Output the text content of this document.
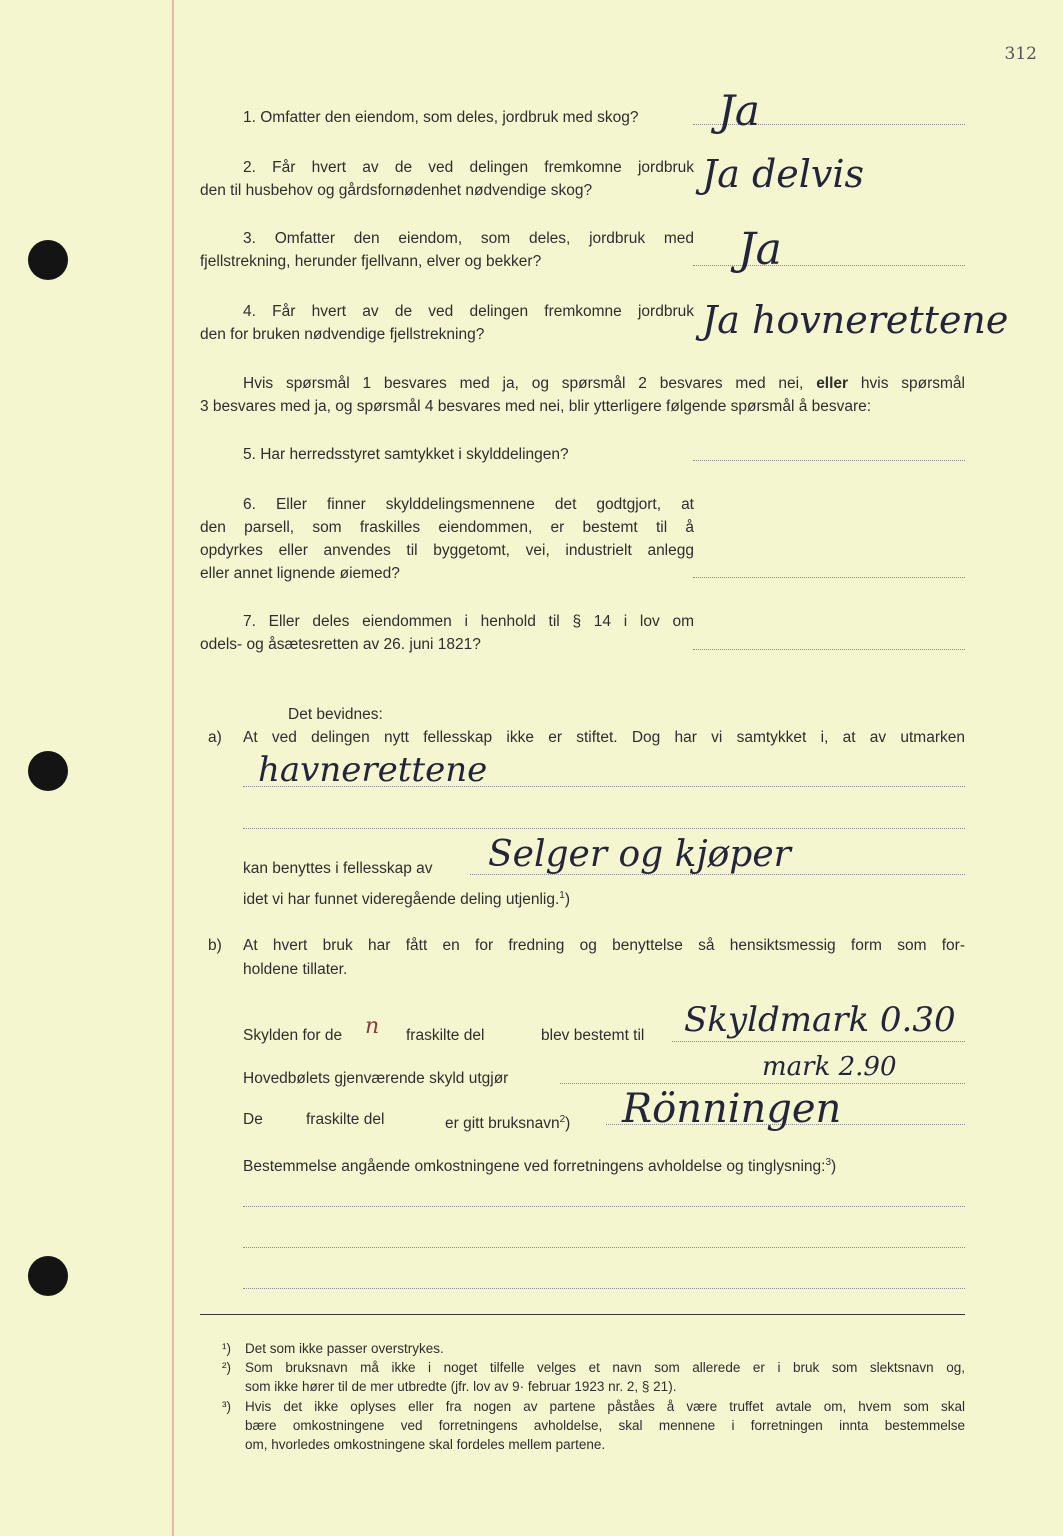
312
1. Omfatter den eiendom, som deles, jordbruk med skog? Ja
2. Får hvert av de ved delingen fremkomne jordbruk
den til husbehov og gårdsfornødenhet nødvendige skog?	Ja delvis
3. Omfatter den eiendom, som deles, jordbruk med
fjellstrekning, herunder fjellvann, elver og bekker?	Ja
4. Får hvert av de ved delingen fremkomne jordbruk
den for bruken nødvendige fjellstrekning?	Ja hovnerettene
Hvis spørsmål 1 besvares med ja, og spørsmål 2 besvares med nei, eller hvis spørsmål
3 besvares med ja, og spørsmål 4 besvares med nei, blir ytterligere følgende spørsmål å besvare:
5. Har herredsstyret samtykket i skylddelingen?
6. Eller finner skylddelingsmennene det godtgjort, at
den parsell, som fraskilles eiendommen, er bestemt til å
opdyrkes eller anvendes til byggetomt, vei, industrielt anlegg
eller annet lignende øiemed?
7. Eller deles eiendommen i henhold til § 14 i lov om
odels- og åsætesretten av 26. juni 1821?
Det bevidnes:
a) At ved delingen nytt fellesskap ikke er stiftet. Dog har vi samtykket i, at av utmarken
havnerettene
kan benyttes i fellesskap av Selger og kjøper
idet vi har funnet videregående deling utjenlig.$^1$)
b) At hvert bruk har fått en for fredning og benyttelse så hensiktsmessig form som for-
holdene tillater.
Skylden for de n fraskilte del	blev bestemt til Skyldmark 0.30
Hovedbølets gjenværende skyld utgjør	mark 2.90
De	fraskilte del	er gitt bruksnavn$^2$) Rönningen
Bestemmelse angående omkostningene ved forretningens avholdelse og tinglysning:$^3$)
¹) Det som ikke passer overstrykes.
²) Som bruksnavn må ikke i noget tilfelle velges et navn som allerede er i bruk som slektsnavn og,
som ikke hører til de mer utbredte (jfr. lov av 9· februar 1923 nr. 2, § 21).
³) Hvis det ikke oplyses eller fra nogen av partene påståes å være truffet avtale om, hvem som skal
bære omkostningene ved forretningens avholdelse, skal mennene i forretningen innta bestemmelse
om, hvorledes omkostningene skal fordeles mellem partene.
